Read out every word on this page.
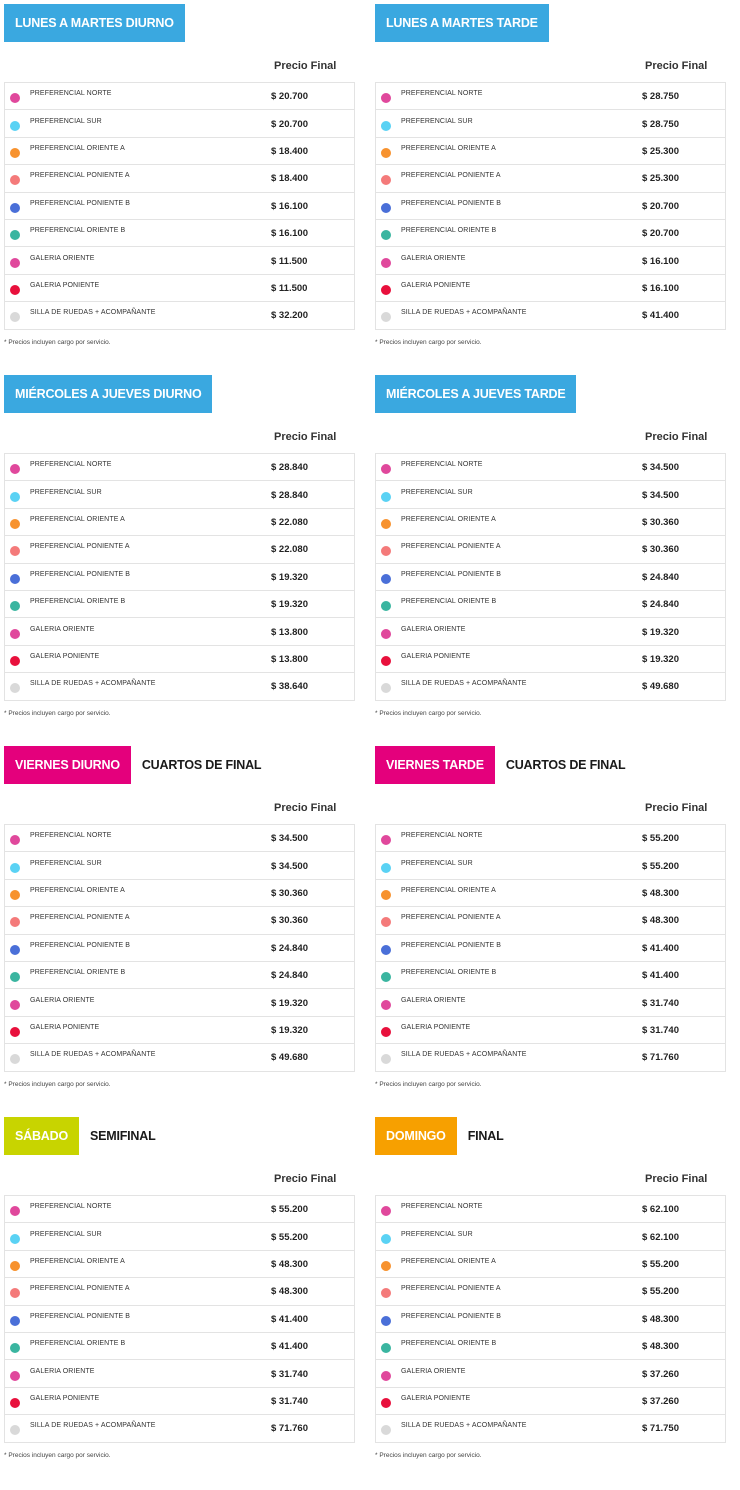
LUNES A MARTES DIURNO
Precio Final
PREFERENCIAL NORTE	$ 20.700
PREFERENCIAL SUR	$ 20.700
PREFERENCIAL ORIENTE A	$ 18.400
PREFERENCIAL PONIENTE A	$ 18.400
PREFERENCIAL PONIENTE B	$ 16.100
PREFERENCIAL ORIENTE B	$ 16.100
GALERIA ORIENTE	$ 11.500
GALERIA PONIENTE	$ 11.500
SILLA DE RUEDAS + ACOMPAÑANTE	$ 32.200
* Precios incluyen cargo por servicio.
LUNES A MARTES TARDE
Precio Final
PREFERENCIAL NORTE	$ 28.750
PREFERENCIAL SUR	$ 28.750
PREFERENCIAL ORIENTE A	$ 25.300
PREFERENCIAL PONIENTE A	$ 25.300
PREFERENCIAL PONIENTE B	$ 20.700
PREFERENCIAL ORIENTE B	$ 20.700
GALERIA ORIENTE	$ 16.100
GALERIA PONIENTE	$ 16.100
SILLA DE RUEDAS + ACOMPAÑANTE	$ 41.400
* Precios incluyen cargo por servicio.
MIÉRCOLES A JUEVES DIURNO
Precio Final
PREFERENCIAL NORTE	$ 28.840
PREFERENCIAL SUR	$ 28.840
PREFERENCIAL ORIENTE A	$ 22.080
PREFERENCIAL PONIENTE A	$ 22.080
PREFERENCIAL PONIENTE B	$ 19.320
PREFERENCIAL ORIENTE B	$ 19.320
GALERIA ORIENTE	$ 13.800
GALERIA PONIENTE	$ 13.800
SILLA DE RUEDAS + ACOMPAÑANTE	$ 38.640
* Precios incluyen cargo por servicio.
MIÉRCOLES A JUEVES TARDE
Precio Final
PREFERENCIAL NORTE	$ 34.500
PREFERENCIAL SUR	$ 34.500
PREFERENCIAL ORIENTE A	$ 30.360
PREFERENCIAL PONIENTE A	$ 30.360
PREFERENCIAL PONIENTE B	$ 24.840
PREFERENCIAL ORIENTE B	$ 24.840
GALERIA ORIENTE	$ 19.320
GALERIA PONIENTE	$ 19.320
SILLA DE RUEDAS + ACOMPAÑANTE	$ 49.680
* Precios incluyen cargo por servicio.
VIERNES DIURNO	CUARTOS DE FINAL
Precio Final
PREFERENCIAL NORTE	$ 34.500
PREFERENCIAL SUR	$ 34.500
PREFERENCIAL ORIENTE A	$ 30.360
PREFERENCIAL PONIENTE A	$ 30.360
PREFERENCIAL PONIENTE B	$ 24.840
PREFERENCIAL ORIENTE B	$ 24.840
GALERIA ORIENTE	$ 19.320
GALERIA PONIENTE	$ 19.320
SILLA DE RUEDAS + ACOMPAÑANTE	$ 49.680
* Precios incluyen cargo por servicio.
VIERNES TARDE	CUARTOS DE FINAL
Precio Final
PREFERENCIAL NORTE	$ 55.200
PREFERENCIAL SUR	$ 55.200
PREFERENCIAL ORIENTE A	$ 48.300
PREFERENCIAL PONIENTE A	$ 48.300
PREFERENCIAL PONIENTE B	$ 41.400
PREFERENCIAL ORIENTE B	$ 41.400
GALERIA ORIENTE	$ 31.740
GALERIA PONIENTE	$ 31.740
SILLA DE RUEDAS + ACOMPAÑANTE	$ 71.760
* Precios incluyen cargo por servicio.
SÁBADO	SEMIFINAL
Precio Final
PREFERENCIAL NORTE	$ 55.200
PREFERENCIAL SUR	$ 55.200
PREFERENCIAL ORIENTE A	$ 48.300
PREFERENCIAL PONIENTE A	$ 48.300
PREFERENCIAL PONIENTE B	$ 41.400
PREFERENCIAL ORIENTE B	$ 41.400
GALERIA ORIENTE	$ 31.740
GALERIA PONIENTE	$ 31.740
SILLA DE RUEDAS + ACOMPAÑANTE	$ 71.760
* Precios incluyen cargo por servicio.
DOMINGO	FINAL
Precio Final
PREFERENCIAL NORTE	$ 62.100
PREFERENCIAL SUR	$ 62.100
PREFERENCIAL ORIENTE A	$ 55.200
PREFERENCIAL PONIENTE A	$ 55.200
PREFERENCIAL PONIENTE B	$ 48.300
PREFERENCIAL ORIENTE B	$ 48.300
GALERIA ORIENTE	$ 37.260
GALERIA PONIENTE	$ 37.260
SILLA DE RUEDAS + ACOMPAÑANTE	$ 71.750
* Precios incluyen cargo por servicio.
